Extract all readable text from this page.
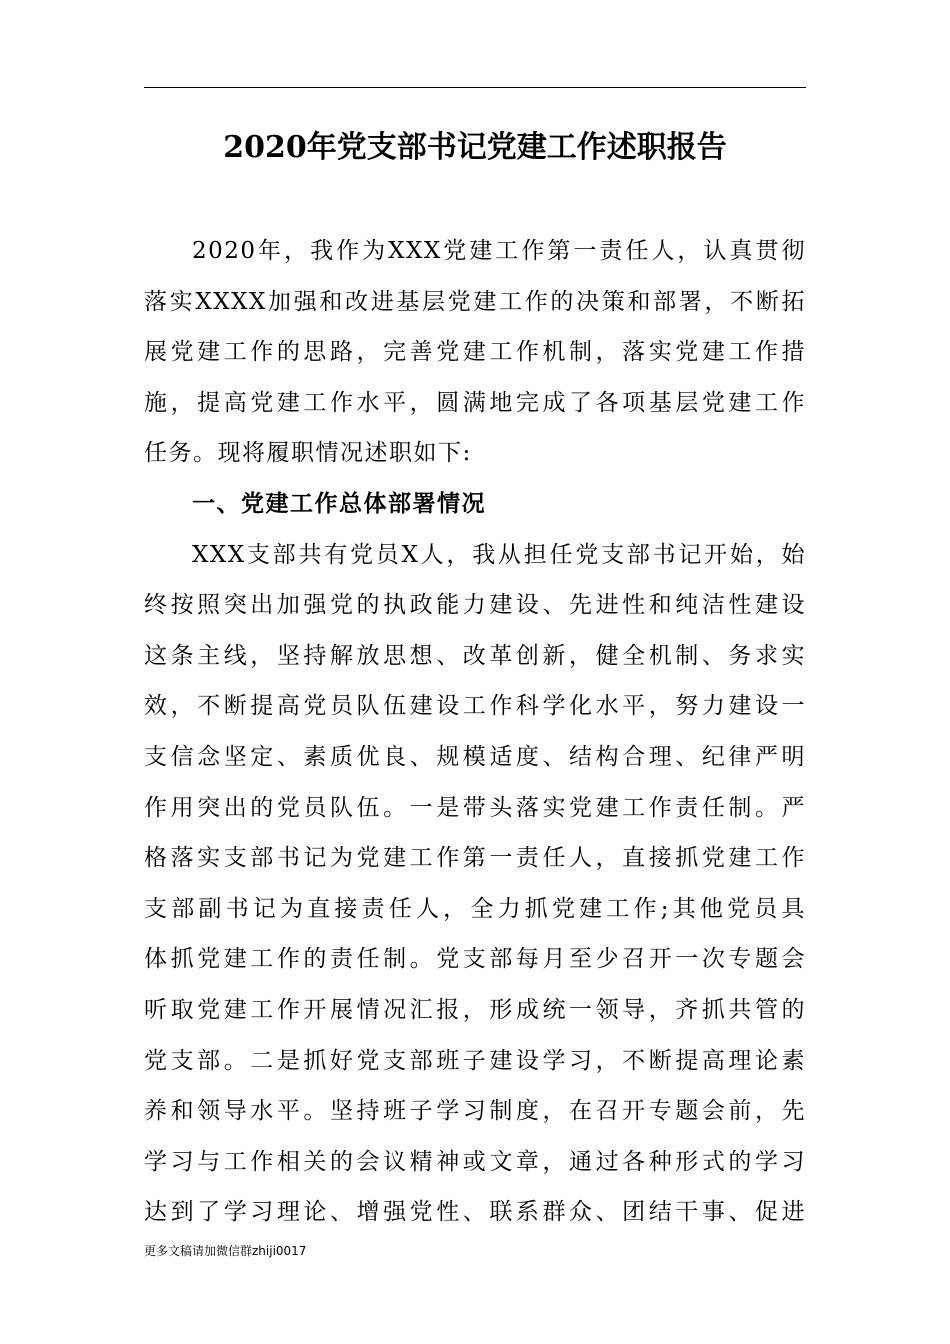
2020年党支部书记党建工作述职报告
2020年，我作为XXX党建工作第一责任人，认真贯彻
落实XXXX加强和改进基层党建工作的决策和部署，不断拓
展党建工作的思路，完善党建工作机制，落实党建工作措
施，提高党建工作水平，圆满地完成了各项基层党建工作
任务。现将履职情况述职如下:
一、党建工作总体部署情况
XXX支部共有党员X人，我从担任党支部书记开始，始
终按照突出加强党的执政能力建设、先进性和纯洁性建设
这条主线，坚持解放思想、改革创新，健全机制、务求实
效，不断提高党员队伍建设工作科学化水平，努力建设一
支信念坚定、素质优良、规模适度、结构合理、纪律严明
作用突出的党员队伍。一是带头落实党建工作责任制。严
格落实支部书记为党建工作第一责任人，直接抓党建工作
支部副书记为直接责任人，全力抓党建工作;其他党员具
体抓党建工作的责任制。党支部每月至少召开一次专题会
听取党建工作开展情况汇报，形成统一领导，齐抓共管的
党支部。二是抓好党支部班子建设学习，不断提高理论素
养和领导水平。坚持班子学习制度，在召开专题会前，先
学习与工作相关的会议精神或文章，通过各种形式的学习
达到了学习理论、增强党性、联系群众、团结干事、促进
更多文稿请加微信群zhiji0017
